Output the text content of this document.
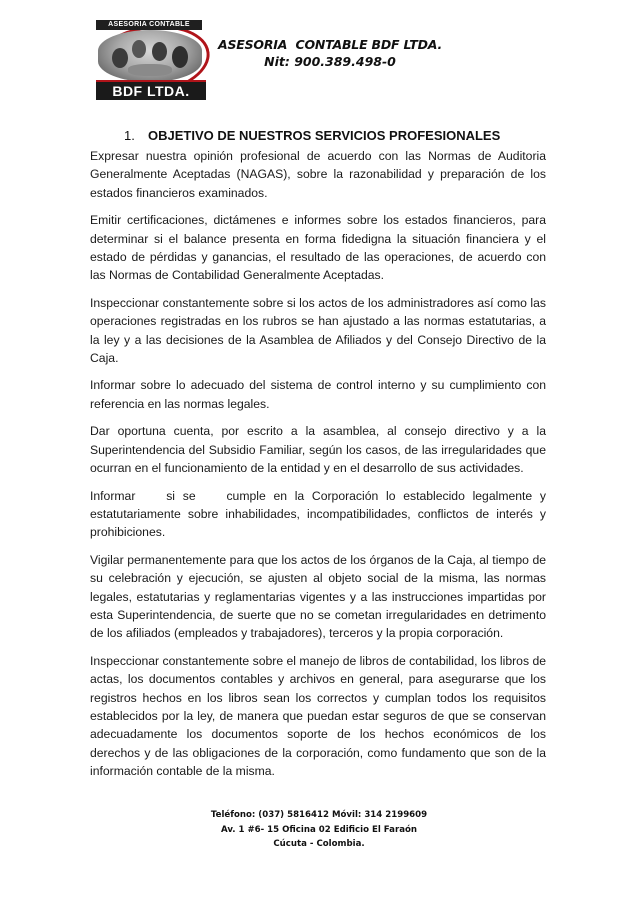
ASESORIA CONTABLE
BDF LTDA.
ASESORIA  CONTABLE BDF LTDA.
Nit: 900.389.498-0
1. OBJETIVO DE NUESTROS SERVICIOS PROFESIONALES

Expresar nuestra opinión profesional de acuerdo con las Normas de Auditoria Generalmente Aceptadas (NAGAS), sobre la razonabilidad y preparación de los estados financieros examinados.

Emitir certificaciones, dictámenes e informes sobre los estados financieros, para determinar si el balance presenta en forma fidedigna la situación financiera y el estado de pérdidas y ganancias, el resultado de las operaciones, de acuerdo con las Normas de Contabilidad Generalmente Aceptadas.

Inspeccionar constantemente sobre si los actos de los administradores así como las operaciones registradas en los rubros se han ajustado a las normas estatutarias, a la ley y a las decisiones de la Asamblea de Afiliados y del Consejo Directivo de la Caja.

Informar sobre lo adecuado del sistema de control interno y su cumplimiento con referencia en las normas legales.

Dar oportuna cuenta, por escrito a la asamblea, al consejo directivo y a la Superintendencia del Subsidio Familiar, según los casos, de las irregularidades que ocurran en el funcionamiento de la entidad y en el desarrollo de sus actividades.

Informar    si se    cumple en la Corporación lo establecido legalmente y estatutariamente sobre inhabilidades, incompatibilidades, conflictos de interés y prohibiciones.

Vigilar permanentemente para que los actos de los órganos de la Caja, al tiempo de su celebración y ejecución, se ajusten al objeto social de la misma, las normas legales, estatutarias y reglamentarias vigentes y a las instrucciones impartidas por esta Superintendencia, de suerte que no se cometan irregularidades en detrimento de los afiliados (empleados y trabajadores), terceros y la propia corporación.

Inspeccionar constantemente sobre el manejo de libros de contabilidad, los libros de actas, los documentos contables y archivos en general, para asegurarse que los registros hechos en los libros sean los correctos y cumplan todos los requisitos establecidos por la ley, de manera que puedan estar seguros de que se conservan adecuadamente los documentos soporte de los hechos económicos de los derechos y de las obligaciones de la corporación, como fundamento que son de la información contable de la misma.

Teléfono: (037) 5816412 Móvil: 314 2199609
Av. 1 #6- 15 Oficina 02 Edificio El Faraón
Cúcuta - Colombia.
